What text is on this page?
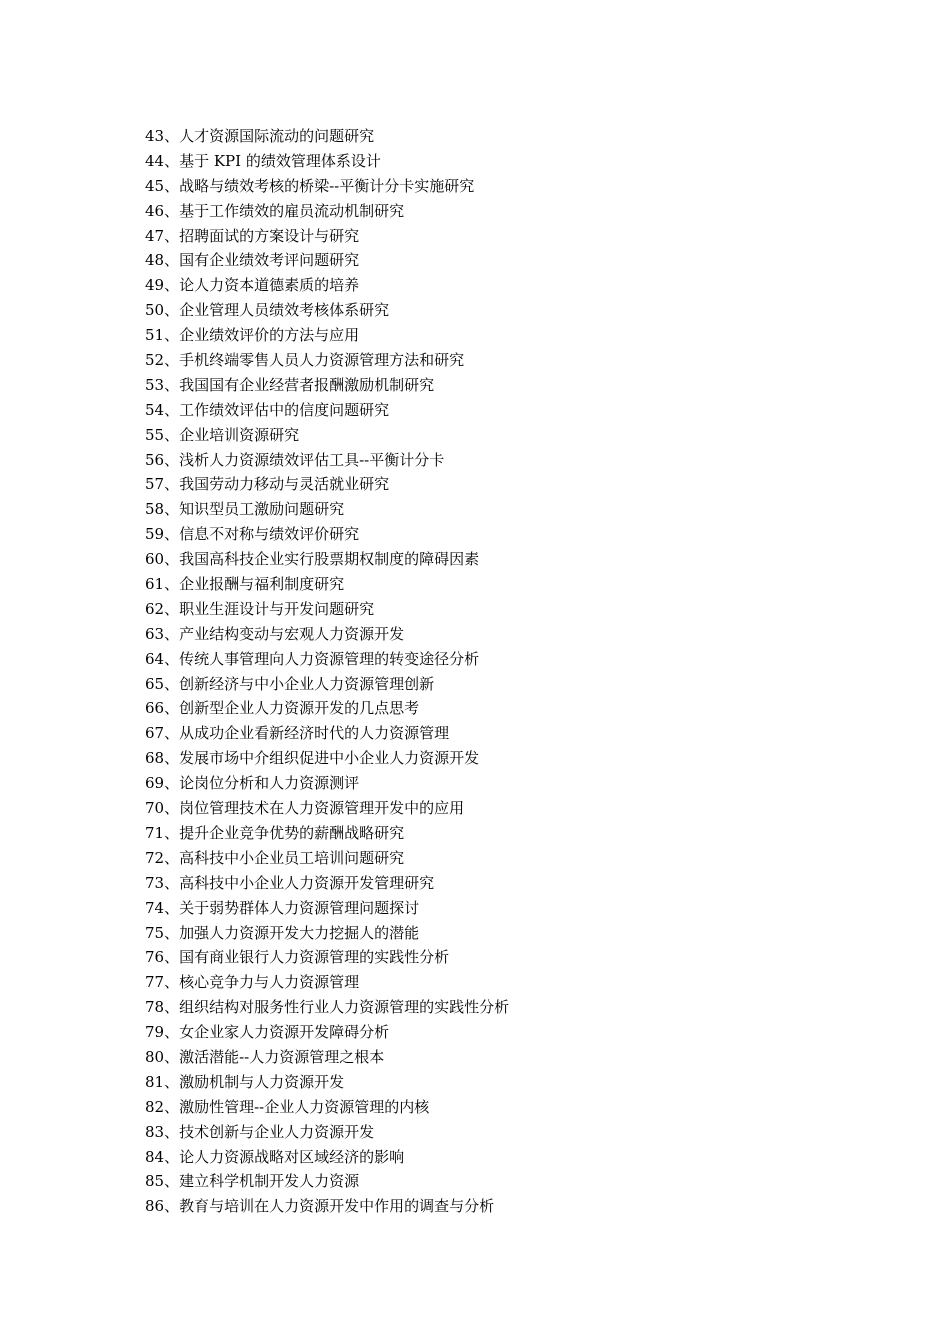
43、人才资源国际流动的问题研究
44、基于 KPI 的绩效管理体系设计
45、战略与绩效考核的桥梁--平衡计分卡实施研究
46、基于工作绩效的雇员流动机制研究
47、招聘面试的方案设计与研究
48、国有企业绩效考评问题研究
49、论人力资本道德素质的培养
50、企业管理人员绩效考核体系研究
51、企业绩效评价的方法与应用
52、手机终端零售人员人力资源管理方法和研究
53、我国国有企业经营者报酬激励机制研究
54、工作绩效评估中的信度问题研究
55、企业培训资源研究
56、浅析人力资源绩效评估工具--平衡计分卡
57、我国劳动力移动与灵活就业研究
58、知识型员工激励问题研究
59、信息不对称与绩效评价研究
60、我国高科技企业实行股票期权制度的障碍因素
61、企业报酬与福利制度研究
62、职业生涯设计与开发问题研究
63、产业结构变动与宏观人力资源开发
64、传统人事管理向人力资源管理的转变途径分析
65、创新经济与中小企业人力资源管理创新
66、创新型企业人力资源开发的几点思考
67、从成功企业看新经济时代的人力资源管理
68、发展市场中介组织促进中小企业人力资源开发
69、论岗位分析和人力资源测评
70、岗位管理技术在人力资源管理开发中的应用
71、提升企业竞争优势的薪酬战略研究
72、高科技中小企业员工培训问题研究
73、高科技中小企业人力资源开发管理研究
74、关于弱势群体人力资源管理问题探讨
75、加强人力资源开发大力挖掘人的潜能
76、国有商业银行人力资源管理的实践性分析
77、核心竞争力与人力资源管理
78、组织结构对服务性行业人力资源管理的实践性分析
79、女企业家人力资源开发障碍分析
80、激活潜能--人力资源管理之根本
81、激励机制与人力资源开发
82、激励性管理--企业人力资源管理的内核
83、技术创新与企业人力资源开发
84、论人力资源战略对区域经济的影响
85、建立科学机制开发人力资源
86、教育与培训在人力资源开发中作用的调查与分析
